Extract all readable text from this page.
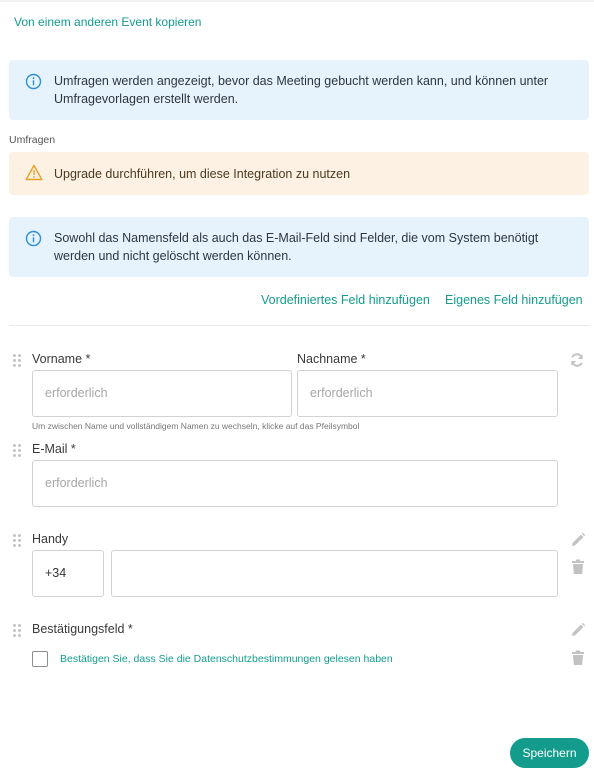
Von einem anderen Event kopieren
Umfragen werden angezeigt, bevor das Meeting gebucht werden kann, und können unter
Umfragevorlagen erstellt werden.
Umfragen
Upgrade durchführen, um diese Integration zu nutzen
Sowohl das Namensfeld als auch das E-Mail-Feld sind Felder, die vom System benötigt
werden und nicht gelöscht werden können.
Vordefiniertes Feld hinzufügen Eigenes Feld hinzufügen
Vorname *	Nachname *
erforderlich	erforderlich
Um zwischen Name und vollständigem Namen zu wechseln, klicke auf das Pfeilsymbol
E-Mail *
erforderlich
Handy
+34
Bestätigungsfeld *
Bestätigen Sie, dass Sie die Datenschutzbestimmungen gelesen haben
Speichern
